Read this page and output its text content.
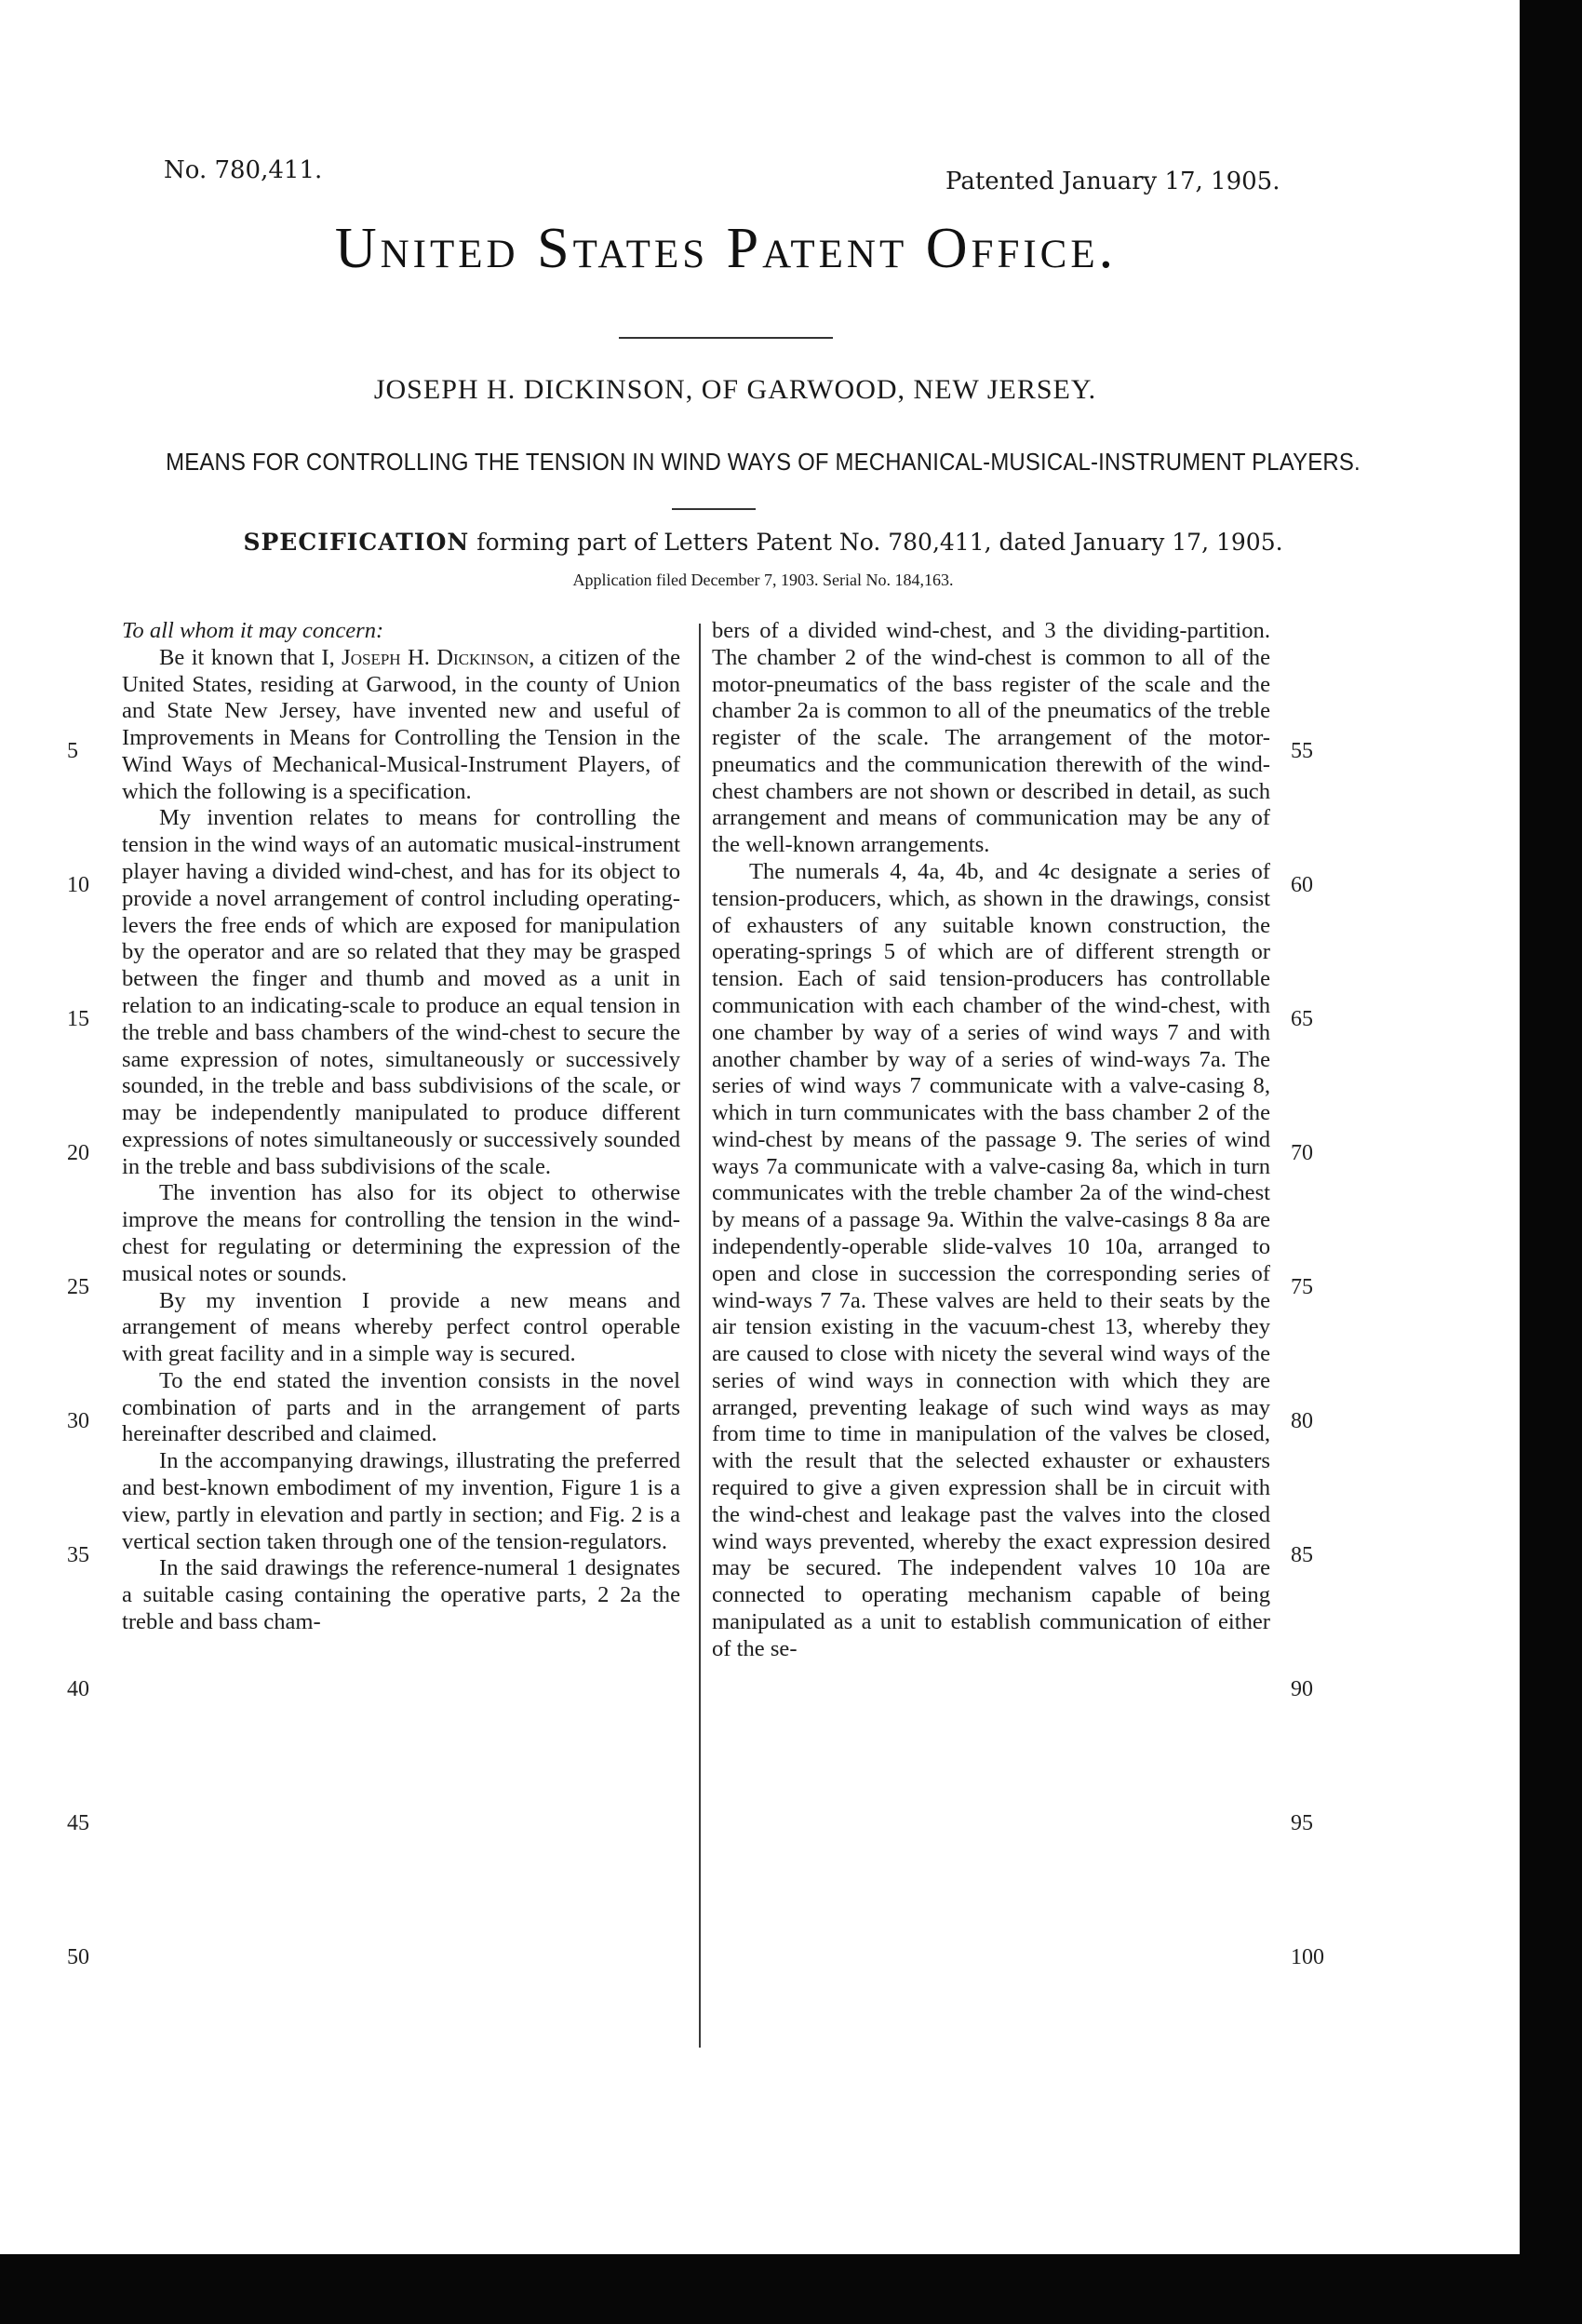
No. 780,411.	Patented January 17, 1905.
United States Patent Office.
JOSEPH H. DICKINSON, OF GARWOOD, NEW JERSEY.
MEANS FOR CONTROLLING THE TENSION IN WIND WAYS OF MECHANICAL-MUSICAL-INSTRUMENT PLAYERS.
SPECIFICATION forming part of Letters Patent No. 780,411, dated January 17, 1905.
Application filed December 7, 1903. Serial No. 184,163.

To all whom it may concern:

Be it known that I, Joseph H. Dickinson, a citizen of the United States, residing at Garwood, in the county of Union and State New Jersey, have invented new and useful of Improvements in Means for Controlling the Tension in the Wind Ways of Mechanical-Musical-Instrument Players, of which the following is a specification.

My invention relates to means for controlling the tension in the wind ways of an automatic musical-instrument player having a divided wind-chest, and has for its object to provide a novel arrangement of control including operating-levers the free ends of which are exposed for manipulation by the operator and are so related that they may be grasped between the finger and thumb and moved as a unit in relation to an indicating-scale to produce an equal tension in the treble and bass chambers of the wind-chest to secure the same expression of notes, simultaneously or successively sounded, in the treble and bass subdivisions of the scale, or may be independently manipulated to produce different expressions of notes simultaneously or successively sounded in the treble and bass subdivisions of the scale.

The invention has also for its object to otherwise improve the means for controlling the tension in the wind-chest for regulating or determining the expression of the musical notes or sounds.

By my invention I provide a new means and arrangement of means whereby perfect control operable with great facility and in a simple way is secured.

To the end stated the invention consists in the novel combination of parts and in the arrangement of parts hereinafter described and claimed.

In the accompanying drawings, illustrating the preferred and best-known embodiment of my invention, Figure 1 is a view, partly in elevation and partly in section; and Fig. 2 is a vertical section taken through one of the tension-regulators.

In the said drawings the reference-numeral 1 designates a suitable casing containing the operative parts, 2 2a the treble and bass cham-

bers of a divided wind-chest, and 3 the dividing-partition. The chamber 2 of the wind-chest is common to all of the motor-pneumatics of the bass register of the scale and the chamber 2a is common to all of the pneumatics of the treble register of the scale. The arrangement of the motor-pneumatics and the communication therewith of the wind-chest chambers are not shown or described in detail, as such arrangement and means of communication may be any of the well-known arrangements.

The numerals 4, 4a, 4b, and 4c designate a series of tension-producers, which, as shown in the drawings, consist of exhausters of any suitable known construction, the operating-springs 5 of which are of different strength or tension. Each of said tension-producers has controllable communication with each chamber of the wind-chest, with one chamber by way of a series of wind ways 7 and with another chamber by way of a series of wind-ways 7a. The series of wind ways 7 communicate with a valve-casing 8, which in turn communicates with the bass chamber 2 of the wind-chest by means of the passage 9. The series of wind ways 7a communicate with a valve-casing 8a, which in turn communicates with the treble chamber 2a of the wind-chest by means of a passage 9a. Within the valve-casings 8 8a are independently-operable slide-valves 10 10a, arranged to open and close in succession the corresponding series of wind-ways 7 7a. These valves are held to their seats by the air tension existing in the vacuum-chest 13, whereby they are caused to close with nicety the several wind ways of the series of wind ways in connection with which they are arranged, preventing leakage of such wind ways as may from time to time in manipulation of the valves be closed, with the result that the selected exhauster or exhausters required to give a given expression shall be in circuit with the wind-chest and leakage past the valves into the closed wind ways prevented, whereby the exact expression desired may be secured. The independent valves 10 10a are connected to operating mechanism capable of being manipulated as a unit to establish communication of either of the se-

5
10
15
20
25
30
35
40
45
50
55
60
65
70
75
80
85
90
95
100
